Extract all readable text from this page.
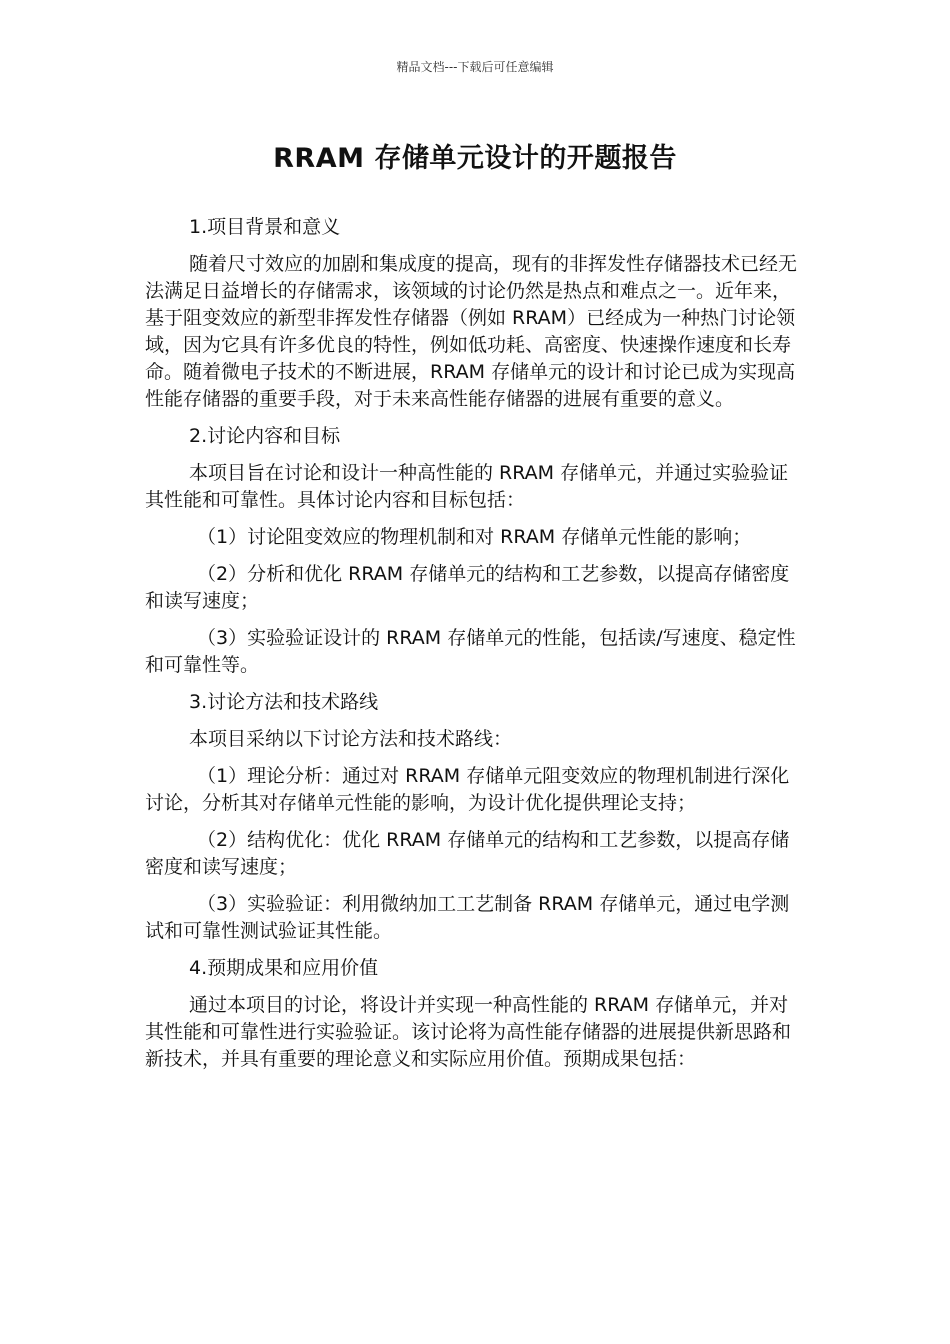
精品文档---下载后可任意编辑
RRAM 存储单元设计的开题报告

1.项目背景和意义

随着尺寸效应的加剧和集成度的提高，现有的非挥发性存储器技术已经无法满足日益增长的存储需求，该领域的讨论仍然是热点和难点之一。近年来，基于阻变效应的新型非挥发性存储器（例如 RRAM）已经成为一种热门讨论领域，因为它具有许多优良的特性，例如低功耗、高密度、快速操作速度和长寿命。随着微电子技术的不断进展，RRAM 存储单元的设计和讨论已成为实现高性能存储器的重要手段，对于未来高性能存储器的进展有重要的意义。

2.讨论内容和目标

本项目旨在讨论和设计一种高性能的 RRAM 存储单元，并通过实验验证其性能和可靠性。具体讨论内容和目标包括：

（1）讨论阻变效应的物理机制和对 RRAM 存储单元性能的影响；

（2）分析和优化 RRAM 存储单元的结构和工艺参数，以提高存储密度和读写速度；

（3）实验验证设计的 RRAM 存储单元的性能，包括读/写速度、稳定性和可靠性等。

3.讨论方法和技术路线

本项目采纳以下讨论方法和技术路线：

（1）理论分析：通过对 RRAM 存储单元阻变效应的物理机制进行深化讨论，分析其对存储单元性能的影响，为设计优化提供理论支持；

（2）结构优化：优化 RRAM 存储单元的结构和工艺参数，以提高存储密度和读写速度；

（3）实验验证：利用微纳加工工艺制备 RRAM 存储单元，通过电学测试和可靠性测试验证其性能。

4.预期成果和应用价值

通过本项目的讨论，将设计并实现一种高性能的 RRAM 存储单元，并对其性能和可靠性进行实验验证。该讨论将为高性能存储器的进展提供新思路和新技术，并具有重要的理论意义和实际应用价值。预期成果包括：
